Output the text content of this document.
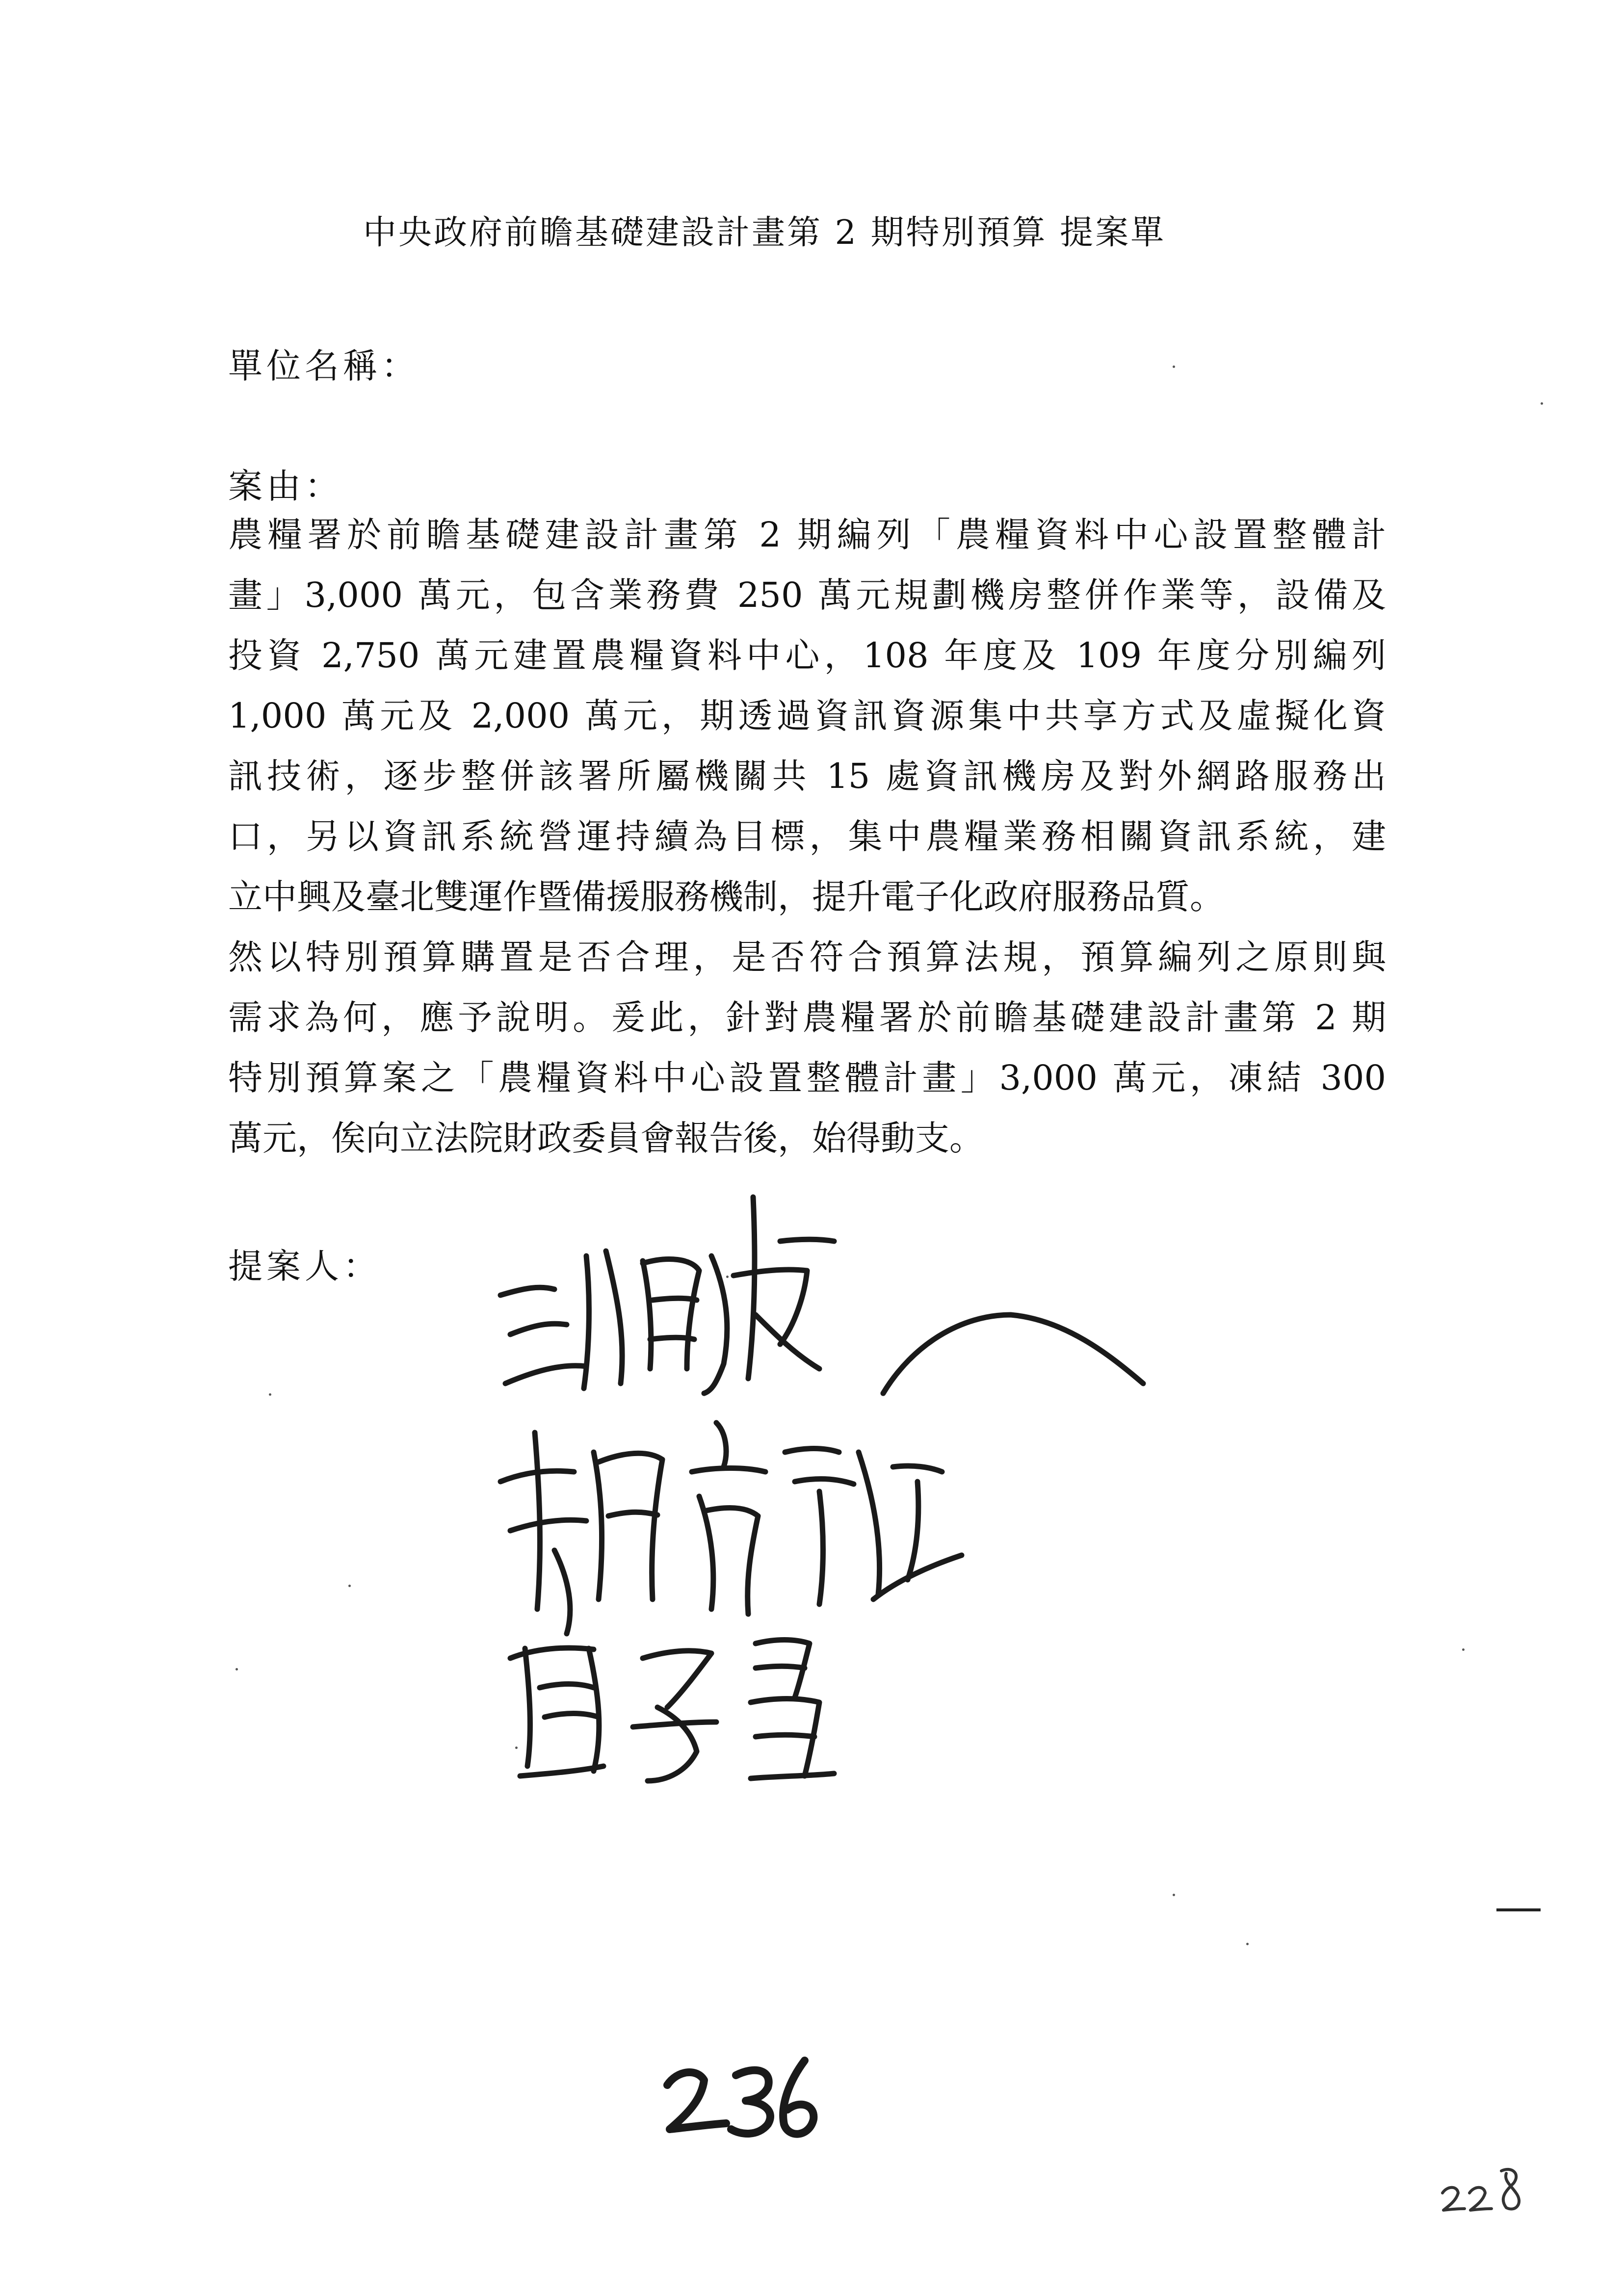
中央政府前瞻基礎建設計畫第 2 期特別預算 提案單
單位名稱：
案由：
農糧署於前瞻基礎建設計畫第 2 期編列「農糧資料中心設置整體計
畫」3,000 萬元，包含業務費 250 萬元規劃機房整併作業等，設備及
投資 2,750 萬元建置農糧資料中心，108 年度及 109 年度分別編列
1,000 萬元及 2,000 萬元，期透過資訊資源集中共享方式及虛擬化資
訊技術，逐步整併該署所屬機關共 15 處資訊機房及對外網路服務出
口，另以資訊系統營運持續為目標，集中農糧業務相關資訊系統，建
立中興及臺北雙運作暨備援服務機制，提升電子化政府服務品質。
然以特別預算購置是否合理，是否符合預算法規，預算編列之原則與
需求為何，應予說明。爰此，針對農糧署於前瞻基礎建設計畫第 2 期
特別預算案之「農糧資料中心設置整體計畫」3,000 萬元，凍結 300
萬元，俟向立法院財政委員會報告後，始得動支。
提案人：
